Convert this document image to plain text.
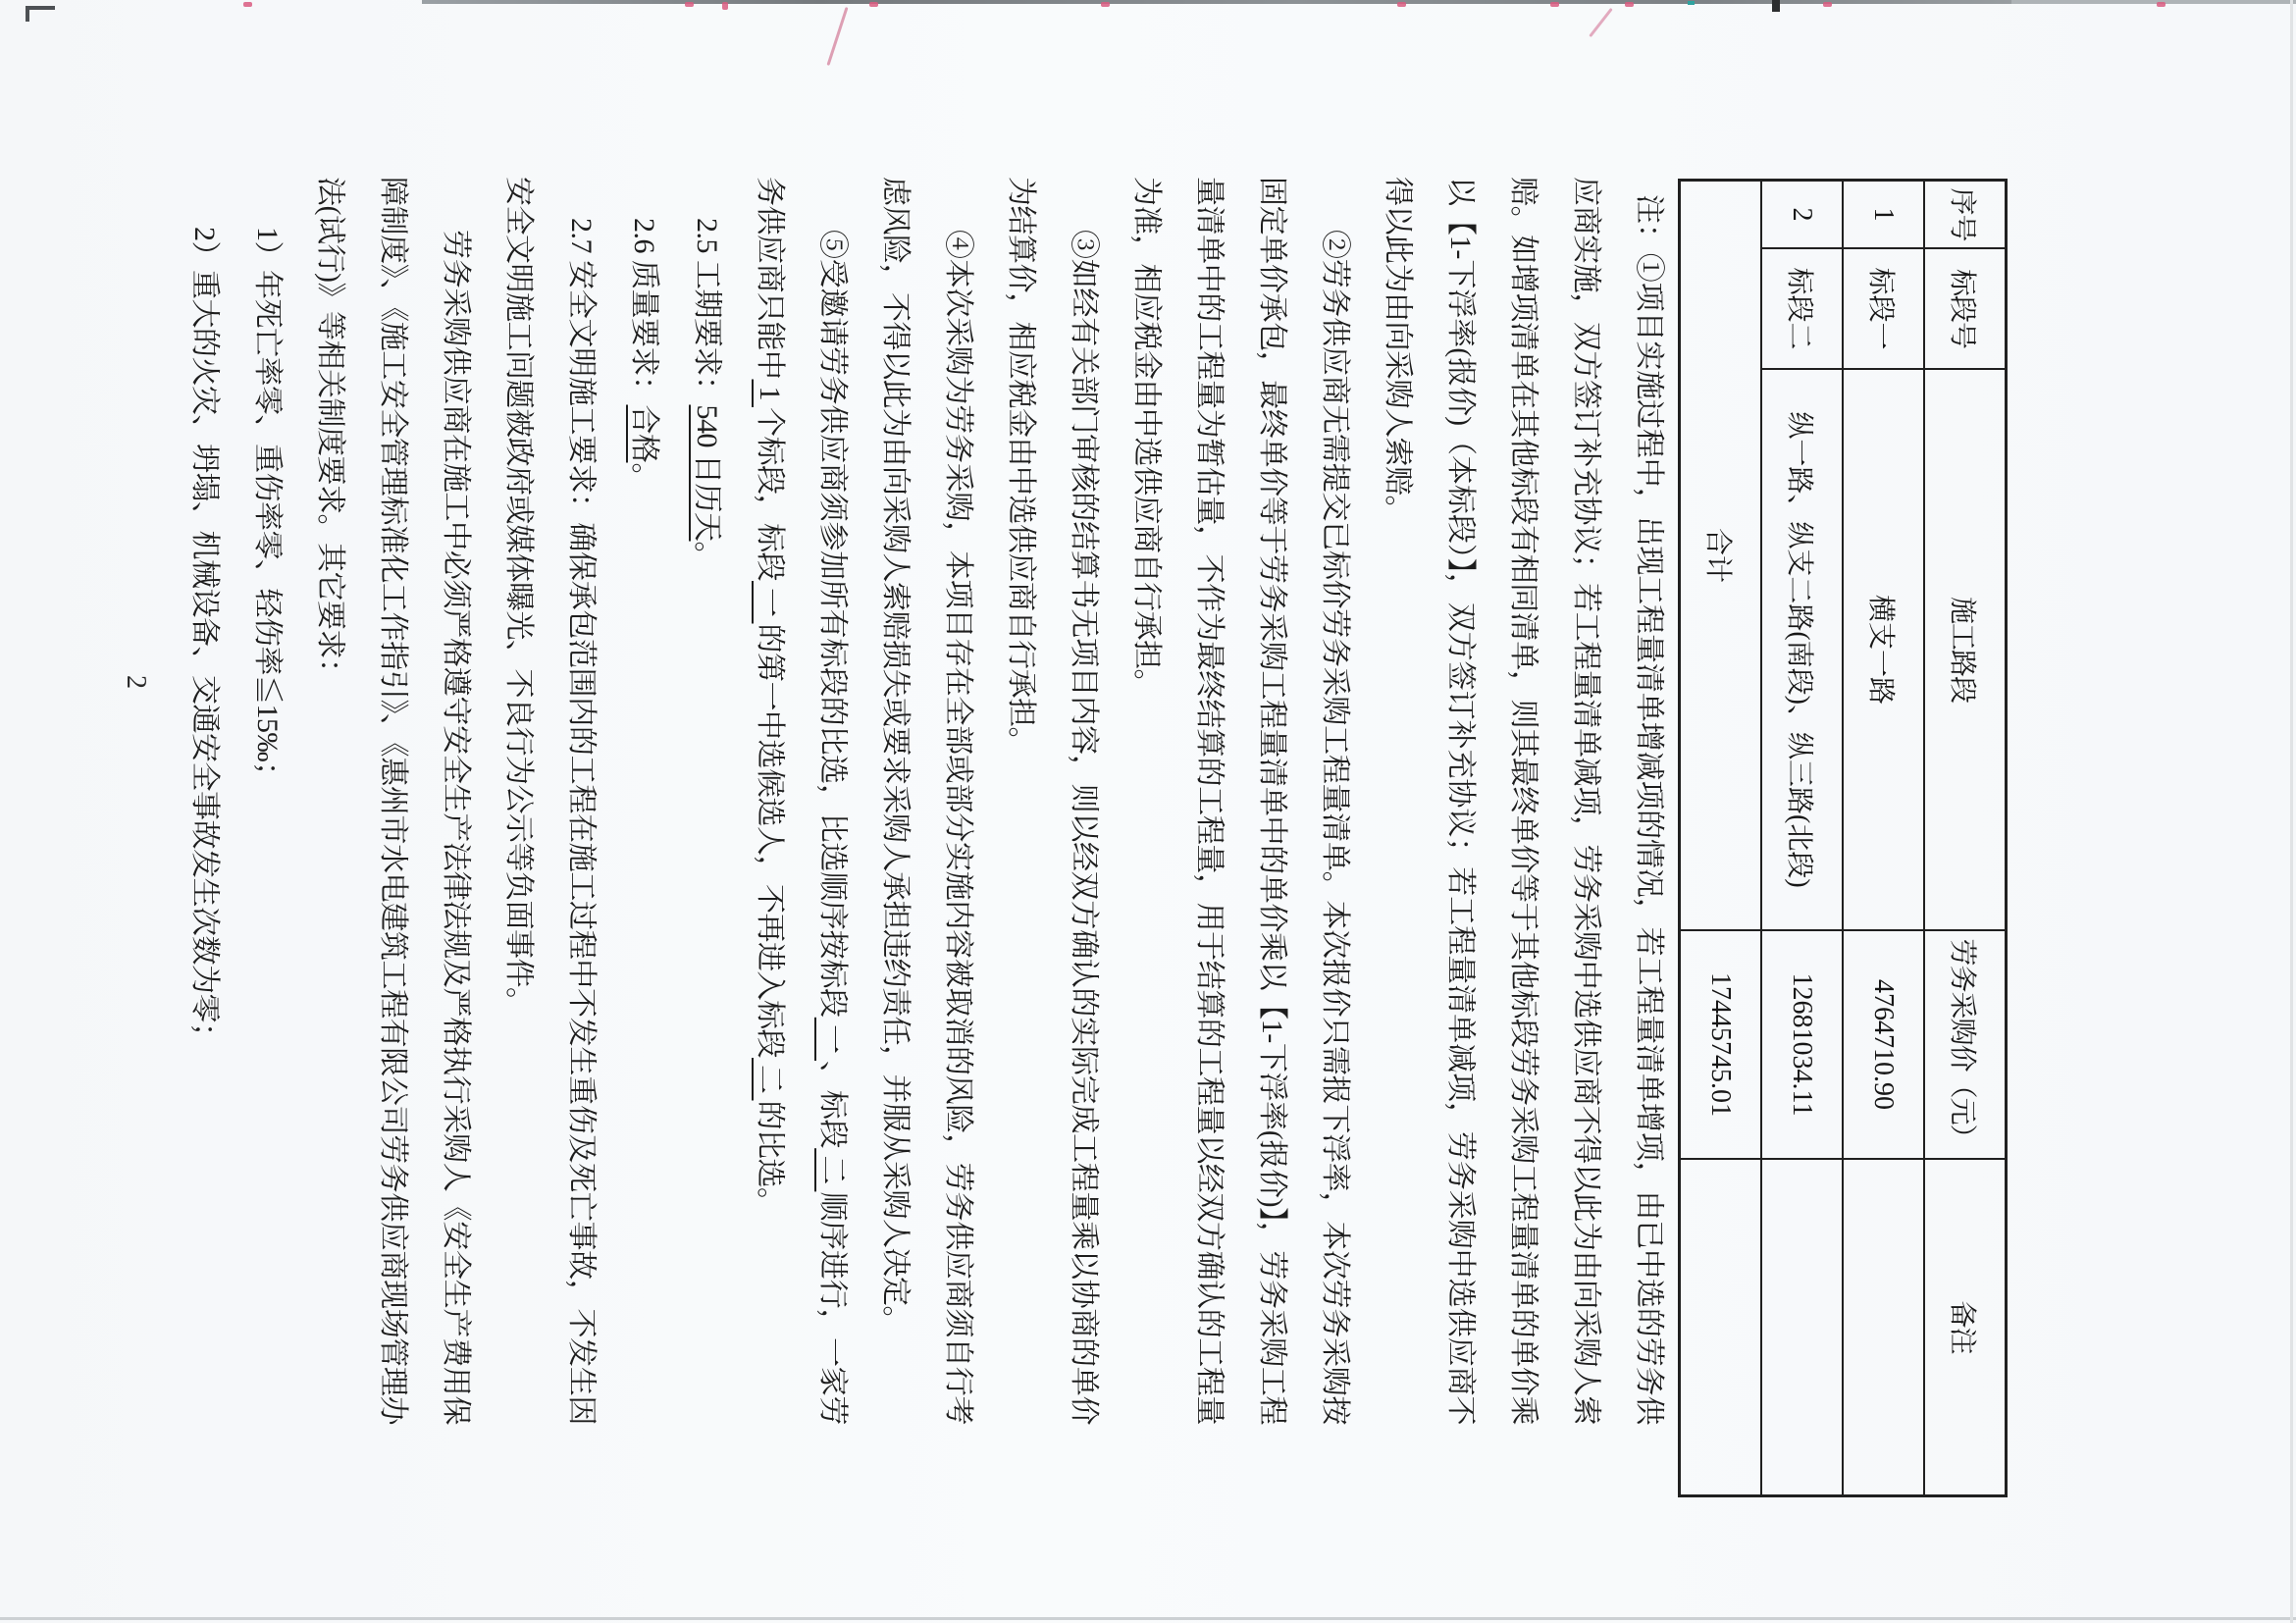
序号	标段号	施工路段	劳务采购价（元）	备注
1	标段一	横支一路	4764710.90	
2	标段二	纵一路、纵支二路(南段)、纵三路(北段)	12681034.11	
合计			17445745.01	

注：①项目实施过程中，出现工程量清单增减项的情况，若工程量清单增项，由已中选的劳务供应商实施，双方签订补充协议；若工程量清单减项，劳务采购中选供应商不得以此为由向采购人索赔。如增项清单在其他标段有相同清单，则其最终单价等于其他标段劳务采购工程量清单的单价乘以【1-下浮率(报价)（本标段）】，双方签订补充协议；若工程量清单减项，劳务采购中选供应商不得以此为由向采购人索赔。

②劳务供应商无需提交已标价劳务采购工程量清单。本次报价只需报下浮率，本次劳务采购按固定单价承包，最终单价等于劳务采购工程量清单中的单价乘以【1-下浮率(报价)】，劳务采购工程量清单中的工程量为暂估量，不作为最终结算的工程量，用于结算的工程量以经双方确认的工程量为准，相应税金由中选供应商自行承担。

③如经有关部门审核的结算书无项目内容，则以经双方确认的实际完成工程量乘以协商的单价为结算价，相应税金由中选供应商自行承担。

④本次采购为劳务采购，本项目存在全部或部分实施内容被取消的风险，劳务供应商须自行考虑风险，不得以此为由向采购人索赔损失或要求采购人承担违约责任，并服从采购人决定。

⑤受邀请劳务供应商须参加所有标段的比选，比选顺序按标段 一 、标段 二 顺序进行，一家劳务供应商只能中 1 个标段，标段 一 的第一中选候选人，不再进入标段 二 的比选。

2.5 工期要求：540 日历天。

2.6 质量要求：合格。

2.7 安全文明施工要求：确保承包范围内的工程在施工过程中不发生重伤及死亡事故，不发生因安全文明施工问题被政府或媒体曝光、不良行为公示等负面事件。

劳务采购供应商在施工中必须严格遵守安全生产法律法规及严格执行采购人《安全生产费用保障制度》、《施工安全管理标准化工作指引》、《惠州市水电建筑工程有限公司劳务供应商现场管理办法(试行)》等相关制度要求。其它要求：

1）年死亡率零、重伤率零、轻伤率≦15‰；

2）重大的火灾、坍塌、机械设备、交通安全事故发生次数为零；

2
